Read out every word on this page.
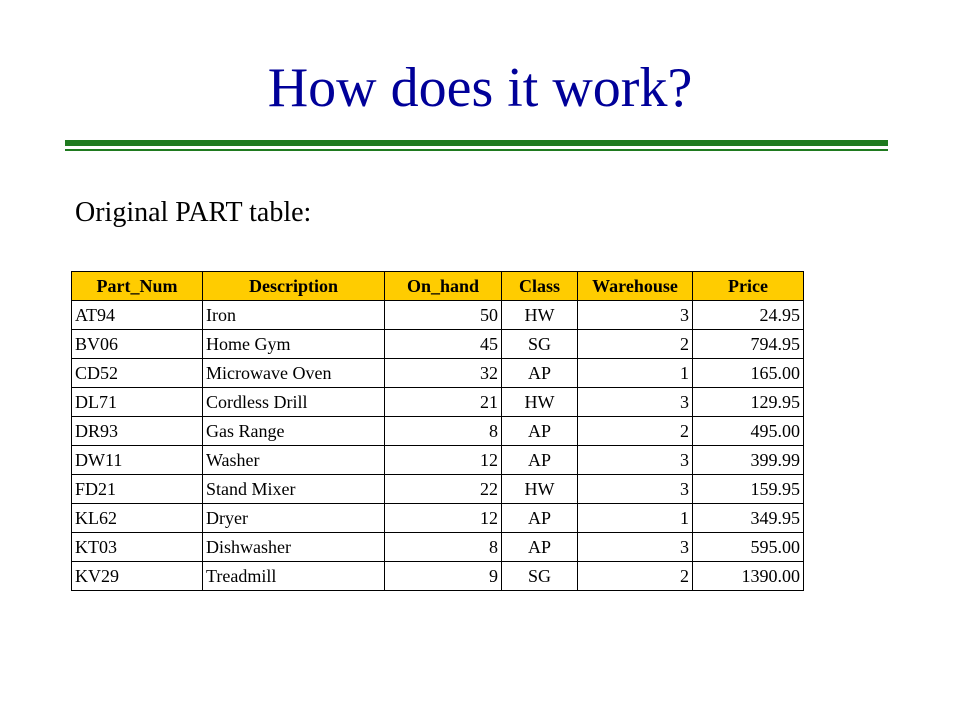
How does it work?
Original PART table:
Part_Num	Description	On_hand	Class	Warehouse	Price
AT94	Iron	50	HW	3	24.95
BV06	Home Gym	45	SG	2	794.95
CD52	Microwave Oven	32	AP	1	165.00
DL71	Cordless Drill	21	HW	3	129.95
DR93	Gas Range	8	AP	2	495.00
DW11	Washer	12	AP	3	399.99
FD21	Stand Mixer	22	HW	3	159.95
KL62	Dryer	12	AP	1	349.95
KT03	Dishwasher	8	AP	3	595.00
KV29	Treadmill	9	SG	2	1390.00
